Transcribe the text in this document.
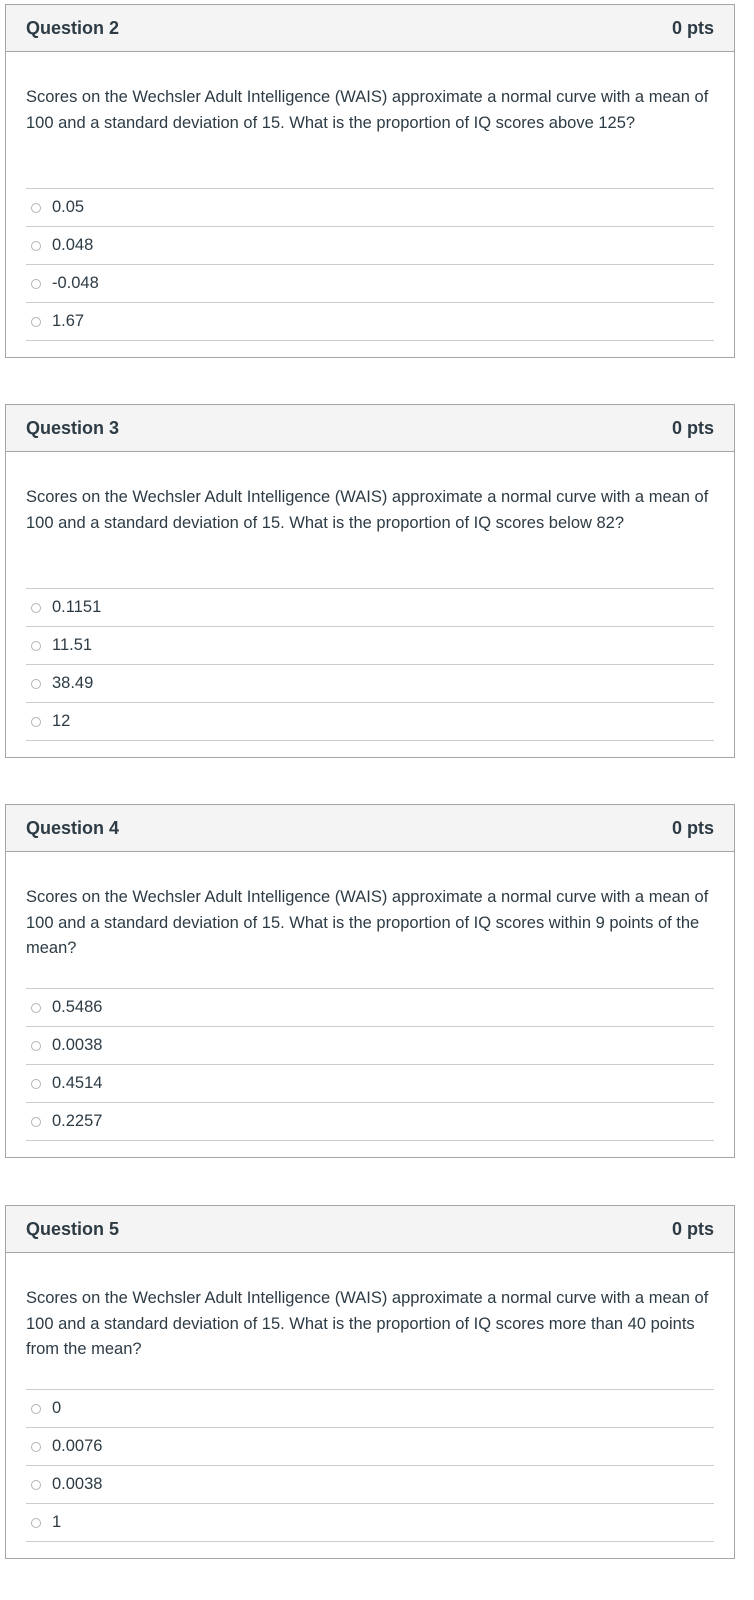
Question 2	0 pts

Scores on the Wechsler Adult Intelligence (WAIS) approximate a normal curve with a mean of 100 and a standard deviation of 15. What is the proportion of IQ scores above 125?

0.05
0.048
-0.048
1.67
Question 3	0 pts

Scores on the Wechsler Adult Intelligence (WAIS) approximate a normal curve with a mean of 100 and a standard deviation of 15. What is the proportion of IQ scores below 82?

0.1151
11.51
38.49
12
Question 4	0 pts

Scores on the Wechsler Adult Intelligence (WAIS) approximate a normal curve with a mean of 100 and a standard deviation of 15. What is the proportion of IQ scores within 9 points of the mean?

0.5486
0.0038
0.4514
0.2257
Question 5	0 pts

Scores on the Wechsler Adult Intelligence (WAIS) approximate a normal curve with a mean of 100 and a standard deviation of 15. What is the proportion of IQ scores more than 40 points from the mean?

0
0.0076
0.0038
1
